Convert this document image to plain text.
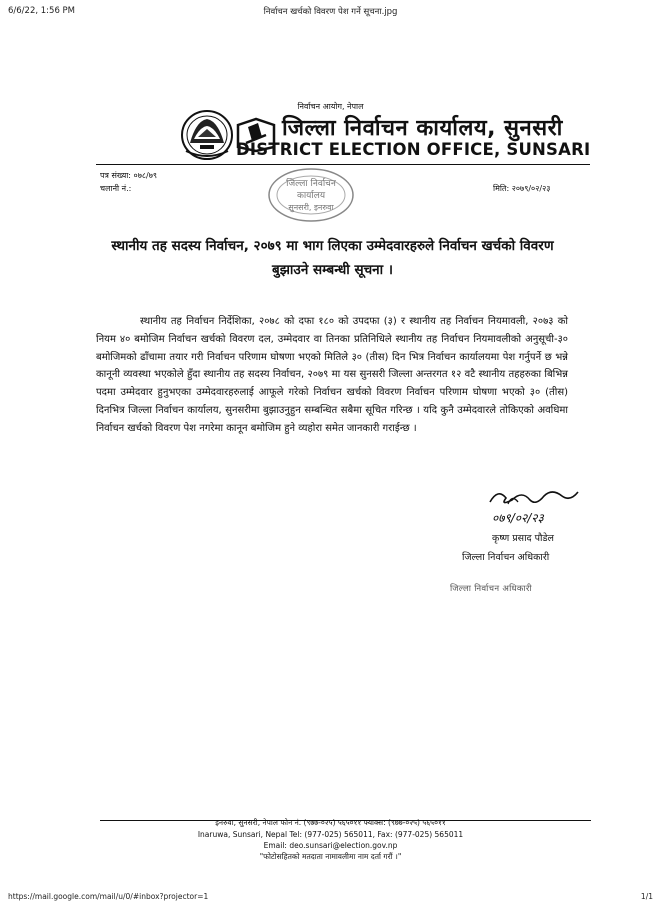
6/6/22, 1:56 PM	निर्वाचन खर्चको विवरण पेश गर्ने सूचना.jpg
निर्वाचन आयोग, नेपाल
जिल्ला निर्वाचन कार्यालय, सुनसरी
DISTRICT ELECTION OFFICE, SUNSARI
पत्र संख्या: ०७८/७९
चलानी नं.:	मिति: २०७९/०२/२३
जिल्ला निर्वाचन
कार्यालय
सुनसरी, इनरुवा
स्थानीय तह सदस्य निर्वाचन, २०७९ मा भाग लिएका उम्मेदवारहरुले निर्वाचन खर्चको विवरण बुझाउने सम्बन्धी सूचना ।
स्थानीय तह निर्वाचन निर्देशिका, २०७८ को दफा १८० को उपदफा (३) र स्थानीय तह निर्वाचन नियमावली, २०७३ को नियम ४० बमोजिम निर्वाचन खर्चको विवरण दल, उम्मेदवार वा तिनका प्रतिनिधिले स्थानीय तह निर्वाचन नियमावलीको अनुसूची-३० बमोजिमको ढाँचामा तयार गरी निर्वाचन परिणाम घोषणा भएको मितिले ३० (तीस) दिन भित्र निर्वाचन कार्यालयमा पेश गर्नुपर्ने छ भन्ने कानूनी व्यवस्था भएकोले हुँदा स्थानीय तह सदस्य निर्वाचन, २०७९ मा यस सुनसरी जिल्ला अन्तरगत १२ वटै स्थानीय तहहरुका बिभिन्न पदमा उम्मेदवार हुनुभएका उम्मेदवारहरुलाई आफूले गरेको निर्वाचन खर्चको विवरण निर्वाचन परिणाम घोषणा भएको ३० (तीस) दिनभित्र जिल्ला निर्वाचन कार्यालय, सुनसरीमा बुझाउनुहुन सम्बन्धित सबैमा सूचित गरिन्छ । यदि कुनै उम्मेदवारले तोकिएको अवधिमा निर्वाचन खर्चको विवरण पेश नगरेमा कानून बमोजिम हुने व्यहोरा समेत जानकारी गराईन्छ ।
०७९/०२/२३
कृष्ण प्रसाद पौडेल
जिल्ला निर्वाचन अधिकारी
जिल्ला निर्वाचन अधिकारी
इनरुवा, सुनसरी, नेपाल फोन नं. (९७७-०२५) ५६५०११ फ्याक्स: (९७७-०२५) ५६५०११
Inaruwa, Sunsari, Nepal Tel: (977-025) 565011, Fax: (977-025) 565011
Email: deo.sunsari@election.gov.np
"फोटोसहितको मतदाता नामावलीमा नाम दर्ता गरौं ।"
https://mail.google.com/mail/u/0/#inbox?projector=1	1/1
